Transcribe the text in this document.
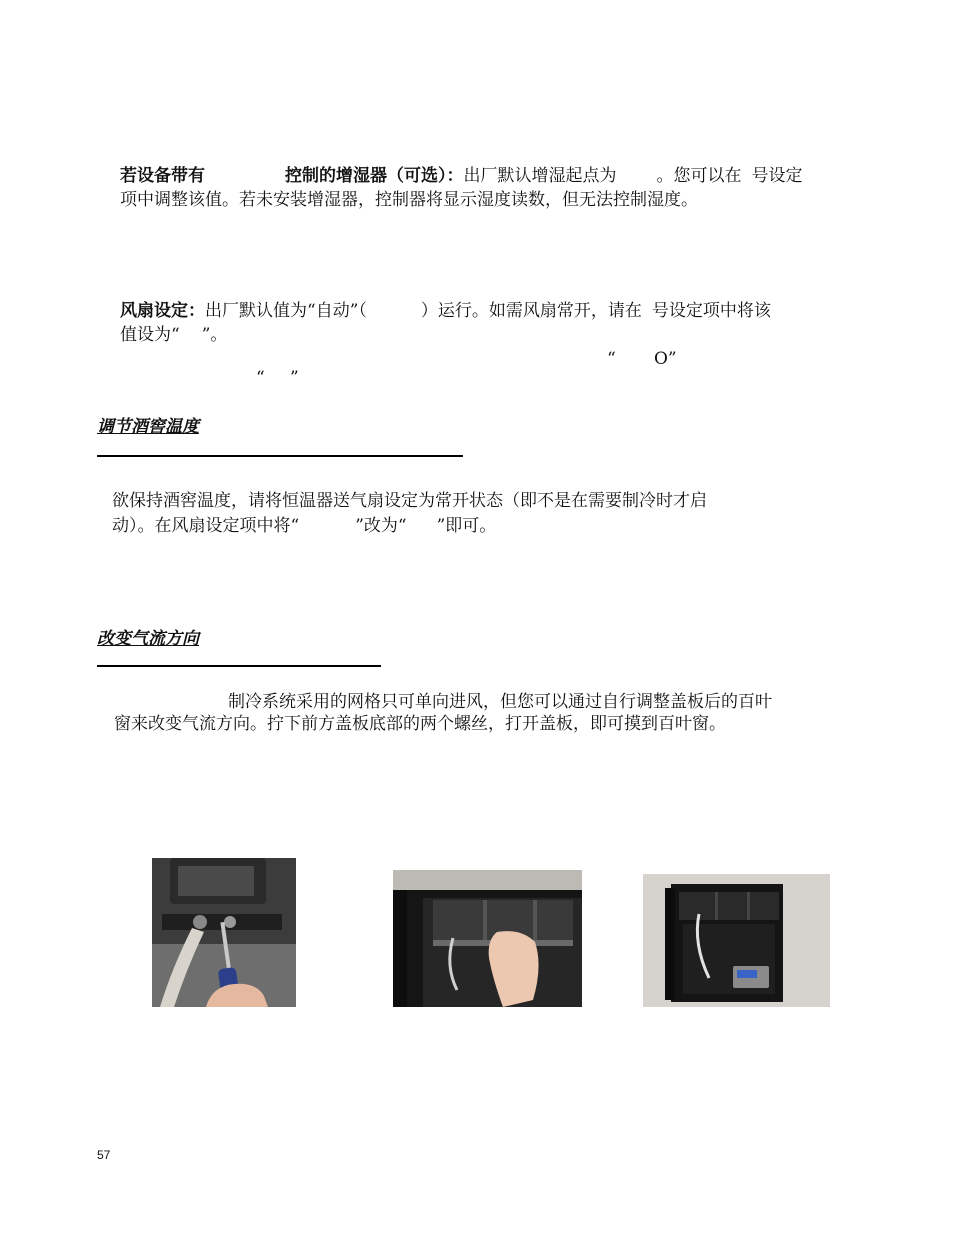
若设备带有	控制的增湿器（可选）：出厂默认增湿起点为 。您可以在 号设定
项中调整该值。若未安装增湿器，控制器将显示湿度读数，但无法控制湿度。
风扇设定：出厂默认值为“自动”（	）运行。如需风扇常开，请在 号设定项中将该
值设为“ ”。
“ O”
“ ”
调节酒窖温度
欲保持酒窖温度，请将恒温器送气扇设定为常开状态（即不是在需要制冷时才启
动）。在风扇设定项中将“	”改为“ ”即可。
改变气流方向
制冷系统采用的网格只可单向进风，但您可以通过自行调整盖板后的百叶
窗来改变气流方向。拧下前方盖板底部的两个螺丝，打开盖板，即可摸到百叶窗。
57
